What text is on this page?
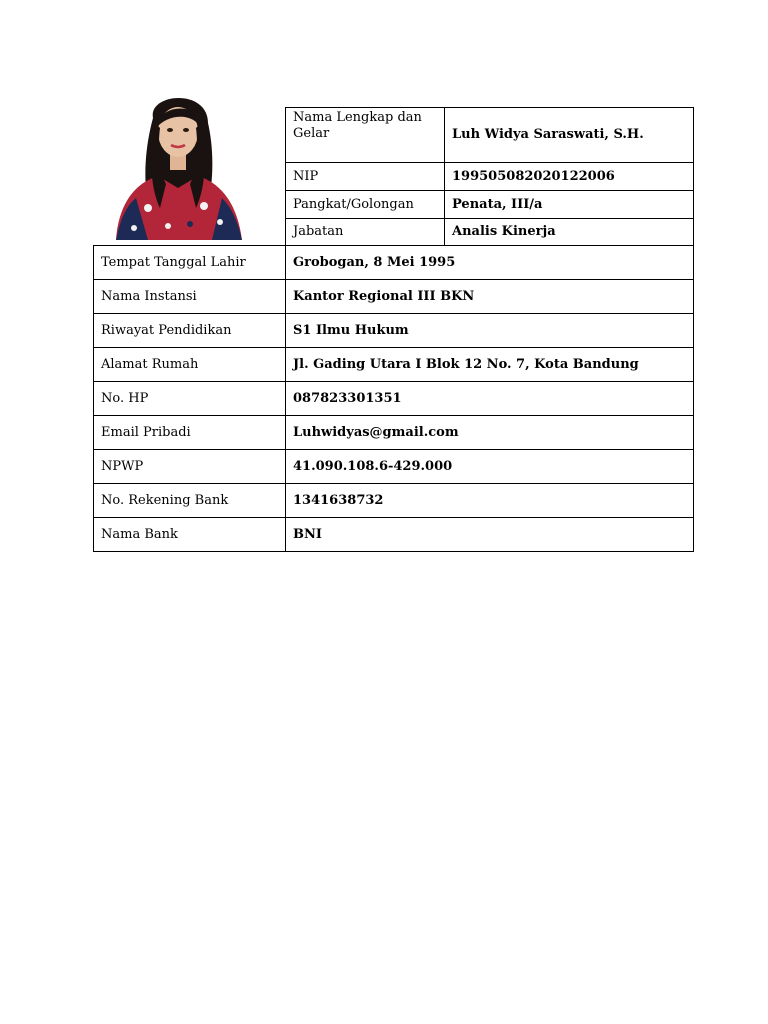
Nama Lengkap dan Gelar	Luh Widya Saraswati, S.H.
NIP	199505082020122006
Pangkat/Golongan	Penata, III/a
Jabatan	Analis Kinerja
Tempat Tanggal Lahir	Grobogan, 8 Mei 1995
Nama Instansi	Kantor Regional III BKN
Riwayat Pendidikan	S1 Ilmu Hukum
Alamat Rumah	Jl. Gading Utara I Blok 12 No. 7, Kota Bandung
No. HP	087823301351
Email Pribadi	Luhwidyas@gmail.com
NPWP	41.090.108.6-429.000
No. Rekening Bank	1341638732
Nama Bank	BNI
